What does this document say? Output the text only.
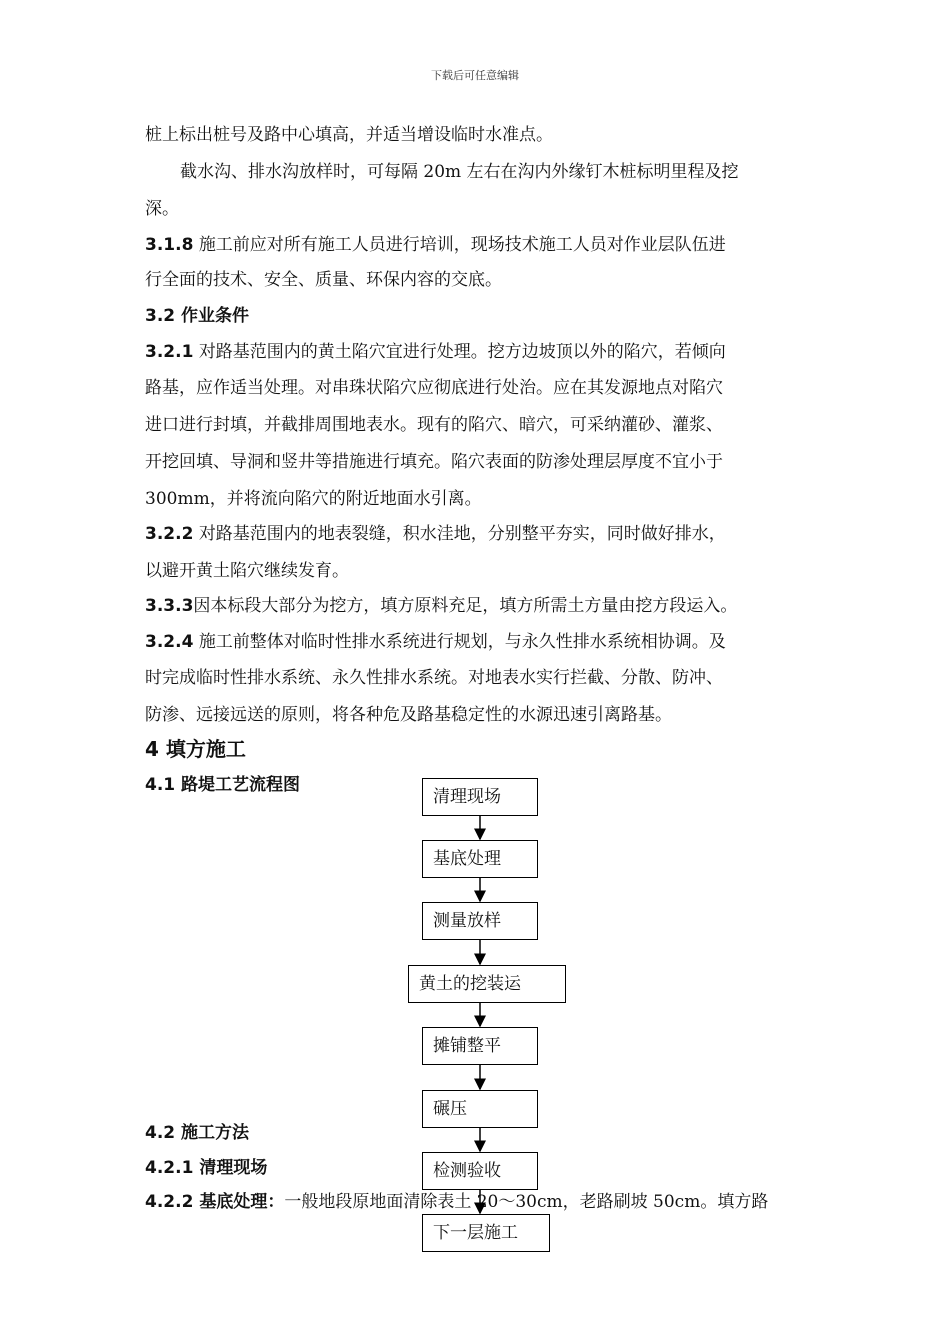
下载后可任意编辑
桩上标出桩号及路中心填高，并适当增设临时水准点。
截水沟、排水沟放样时，可每隔 20m 左右在沟内外缘钉木桩标明里程及挖
深。
3.1.8 施工前应对所有施工人员进行培训，现场技术施工人员对作业层队伍进
行全面的技术、安全、质量、环保内容的交底。
3.2 作业条件
3.2.1 对路基范围内的黄土陷穴宜进行处理。挖方边坡顶以外的陷穴，若倾向
路基，应作适当处理。对串珠状陷穴应彻底进行处治。应在其发源地点对陷穴
进口进行封填，并截排周围地表水。现有的陷穴、暗穴，可采纳灌砂、灌浆、
开挖回填、导洞和竖井等措施进行填充。陷穴表面的防渗处理层厚度不宜小于
300mm，并将流向陷穴的附近地面水引离。
3.2.2 对路基范围内的地表裂缝，积水洼地，分别整平夯实，同时做好排水，
以避开黄土陷穴继续发育。
3.3.3因本标段大部分为挖方，填方原料充足，填方所需土方量由挖方段运入。
3.2.4 施工前整体对临时性排水系统进行规划，与永久性排水系统相协调。及
时完成临时性排水系统、永久性排水系统。对地表水实行拦截、分散、防冲、
防渗、远接远送的原则，将各种危及路基稳定性的水源迅速引离路基。
4 填方施工
4.1 路堤工艺流程图
4.2 施工方法
4.2.1 清理现场
4.2.2 基底处理：一般地段原地面清除表土 20～30cm，老路刷坡 50cm。填方路
清理现场
基底处理
测量放样
黄土的挖装运
摊铺整平
碾压
检测验收
下一层施工
